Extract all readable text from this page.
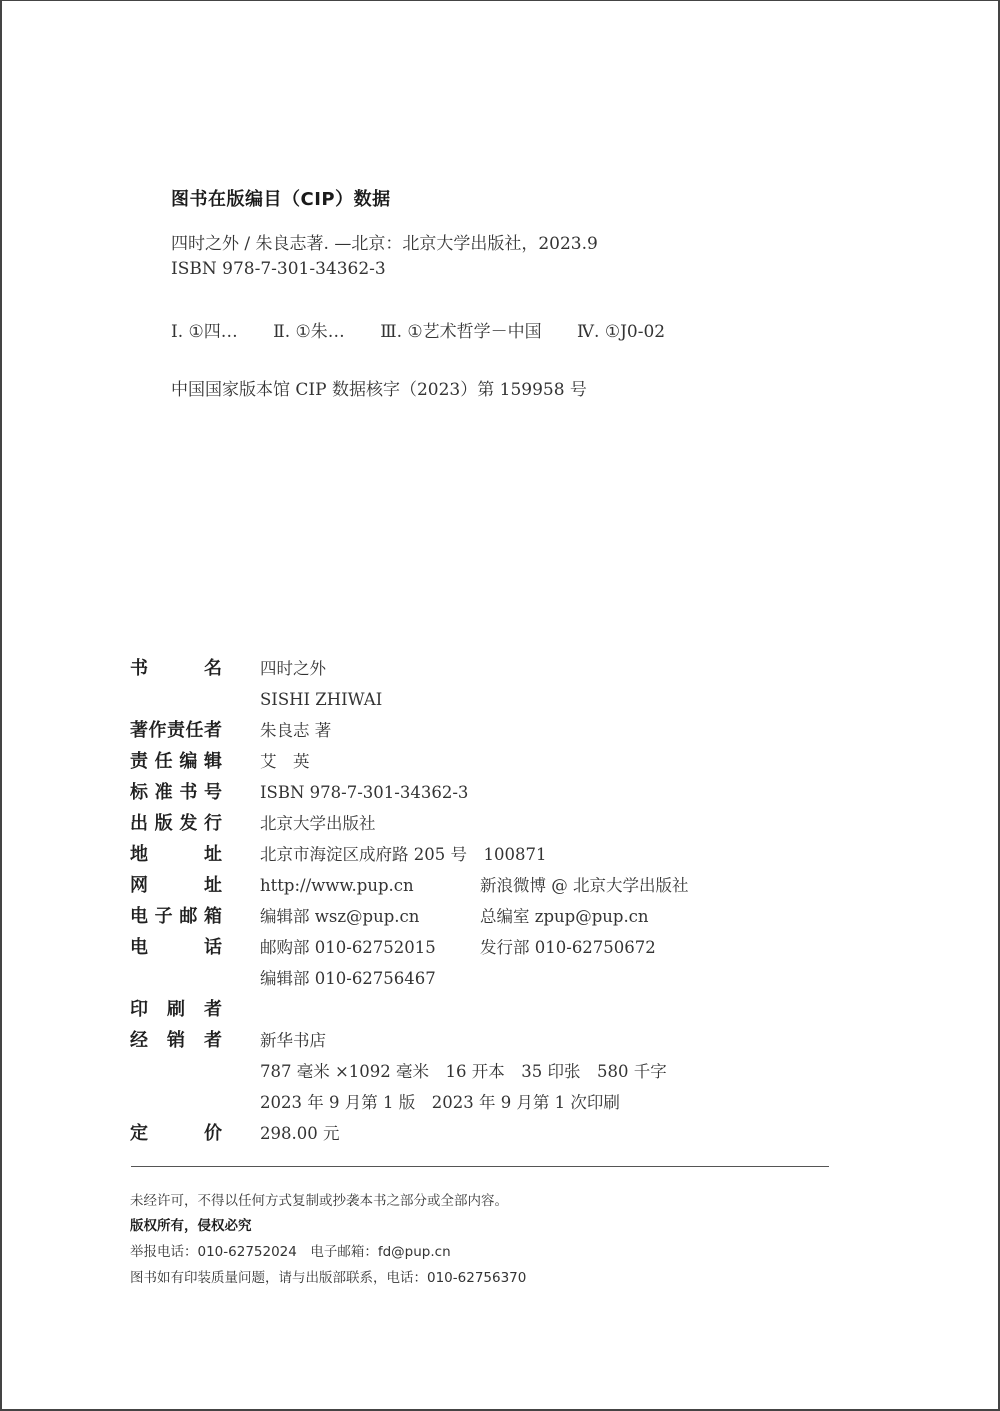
图书在版编目（CIP）数据
四时之外 / 朱良志著. —北京：北京大学出版社，2023.9
ISBN 978-7-301-34362-3
Ⅰ. ①四… Ⅱ. ①朱… Ⅲ. ①艺术哲学－中国 Ⅳ. ①J0-02
中国国家版本馆 CIP 数据核字（2023）第 159958 号
书名 四时之外
SISHI ZHIWAI
著作责任者 朱良志 著
责任编辑 艾　英
标准书号 ISBN 978-7-301-34362-3
出版发行 北京大学出版社
地址 北京市海淀区成府路 205 号　100871
网址 http://www.pup.cn	新浪微博 @ 北京大学出版社
电子邮箱 编辑部 wsz@pup.cn	总编室 zpup@pup.cn
电话 邮购部 010-62752015	发行部 010-62750672
编辑部 010-62756467
印刷者
经销者 新华书店
787 毫米 ×1092 毫米　16 开本　35 印张　580 千字
2023 年 9 月第 1 版　2023 年 9 月第 1 次印刷
定价 298.00 元
未经许可，不得以任何方式复制或抄袭本书之部分或全部内容。
版权所有，侵权必究
举报电话：010-62752024　电子邮箱：fd@pup.cn
图书如有印装质量问题，请与出版部联系，电话：010-62756370
